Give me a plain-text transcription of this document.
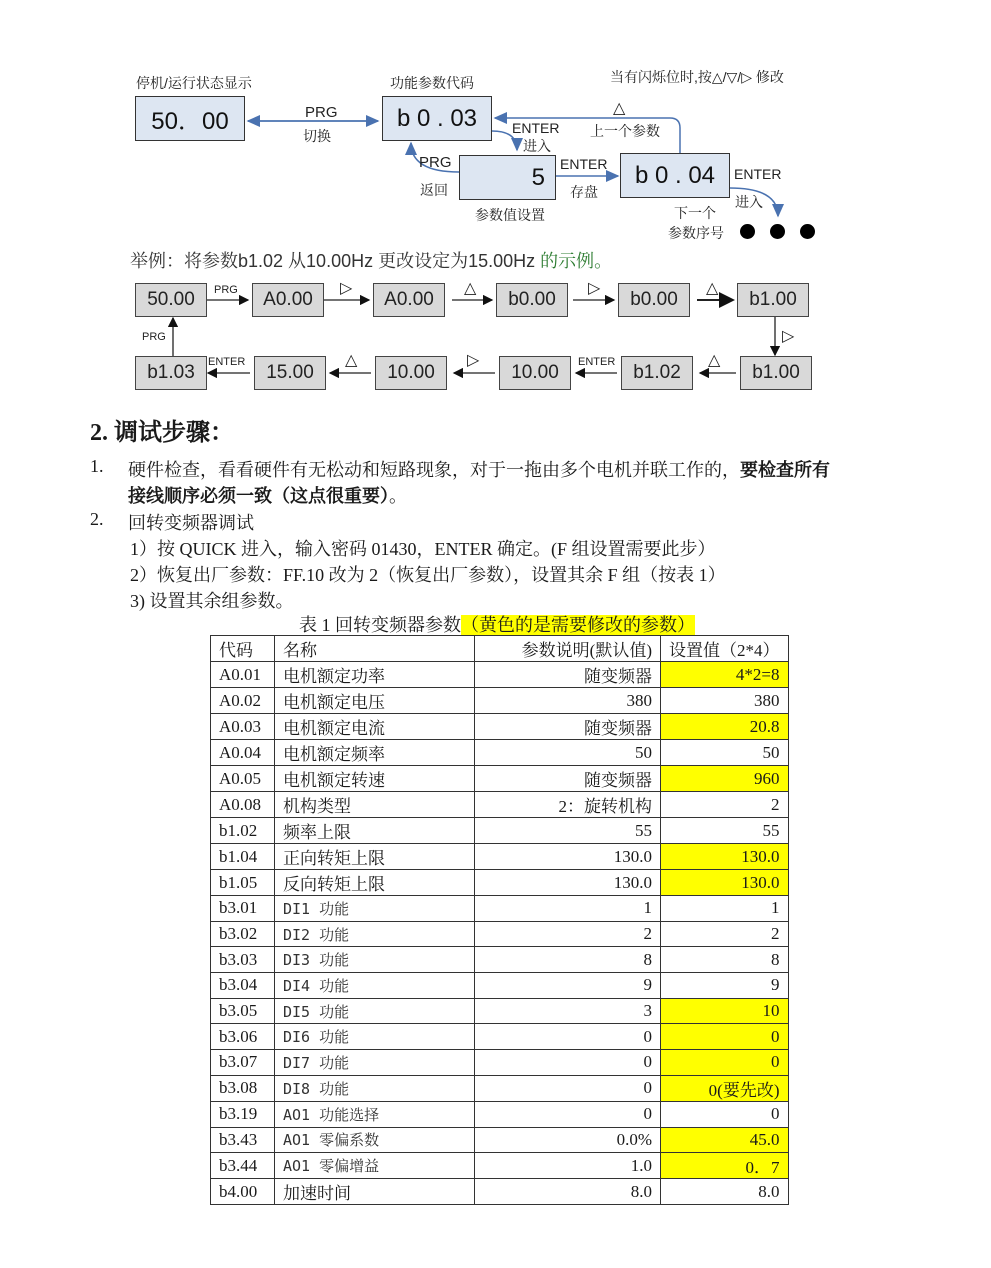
停机/运行状态显示
50．00	PRG
切换
功能参数代码
b 0 . 03
当有闪烁位时,按△/▽/▷ 修改
△
上一个参数
ENTER
进入
PRG
返回	5
参数值设置
ENTER
存盘
b 0 . 04	ENTER
进入
下一个
参数序号
举例：将参数b1.02 从10.00Hz 更改设定为15.00Hz 的示例。
50.00	A0.00	A0.00	b0.00	b0.00	b1.00
PRG	▷	△	▷	△
▷
PRG
b1.03	15.00	10.00	10.00	b1.02	b1.00
ENTER	△	▷	ENTER	△
2. 调试步骤：
1. 硬件检查，看看硬件有无松动和短路现象，对于一拖由多个电机并联工作的，要检查所有
接线顺序必须一致（这点很重要）。
2. 回转变频器调试
1）按 QUICK 进入，输入密码 01430，ENTER 确定。(F 组设置需要此步）
2）恢复出厂参数：FF.10 改为 2（恢复出厂参数），设置其余 F 组（按表 1）
3) 设置其余组参数。
表 1 回转变频器参数（黄色的是需要修改的参数）
代码	名称	参数说明(默认值)	设置值（2*4）
A0.01	电机额定功率	随变频器	4*2=8
A0.02	电机额定电压	380	380
A0.03	电机额定电流	随变频器	20.8
A0.04	电机额定频率	50	50
A0.05	电机额定转速	随变频器	960
A0.08	机构类型	2：旋转机构	2
b1.02	频率上限	55	55
b1.04	正向转矩上限	130.0	130.0
b1.05	反向转矩上限	130.0	130.0
b3.01	DI1 功能	1	1
b3.02	DI2 功能	2	2
b3.03	DI3 功能	8	8
b3.04	DI4 功能	9	9
b3.05	DI5 功能	3	10
b3.06	DI6 功能	0	0
b3.07	DI7 功能	0	0
b3.08	DI8 功能	0	0(要先改)
b3.19	AO1 功能选择	0	0
b3.43	AO1 零偏系数	0.0%	45.0
b3.44	AO1 零偏增益	1.0	0．7
b4.00	加速时间	8.0	8.0
